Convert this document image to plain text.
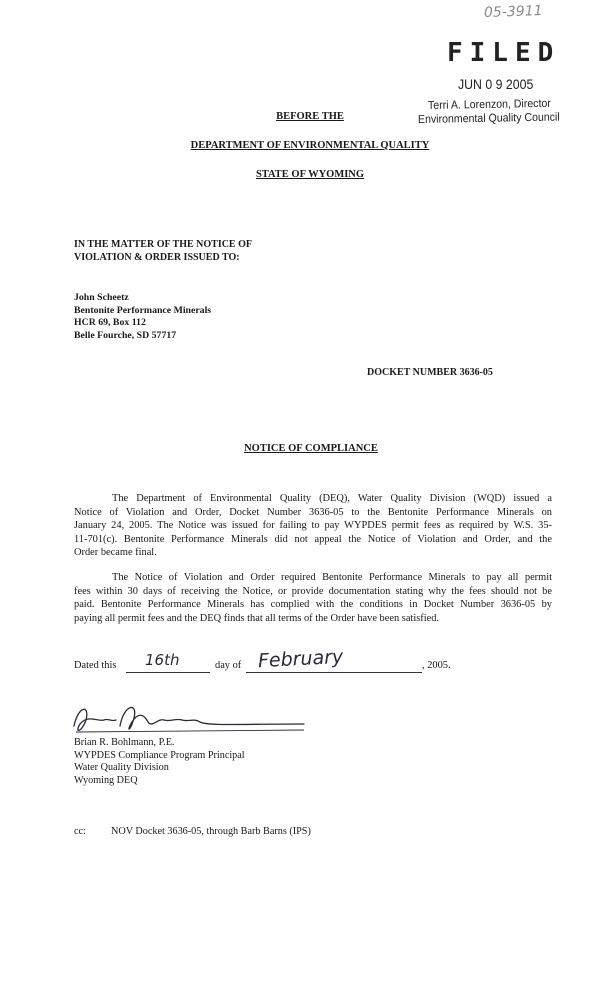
05-3911
FILED
JUN 0 9 2005
Terri A. Lorenzon, Director
Environmental Quality Council
BEFORE THE
DEPARTMENT OF ENVIRONMENTAL QUALITY
STATE OF WYOMING
IN THE MATTER OF THE NOTICE OF
VIOLATION & ORDER ISSUED TO:
John Scheetz
Bentonite Performance Minerals
HCR 69, Box 112
Belle Fourche, SD 57717
DOCKET NUMBER 3636-05
NOTICE OF COMPLIANCE
The Department of Environmental Quality (DEQ), Water Quality Division (WQD) issued a
Notice of Violation and Order, Docket Number 3636-05 to the Bentonite Performance Minerals on
January 24, 2005. The Notice was issued for failing to pay WYPDES permit fees as required by W.S. 35-
11-701(c). Bentonite Performance Minerals did not appeal the Notice of Violation and Order, and the
Order became final.
The Notice of Violation and Order required Bentonite Performance Minerals to pay all permit
fees within 30 days of receiving the Notice, or provide documentation stating why the fees should not be
paid. Bentonite Performance Minerals has complied with the conditions in Docket Number 3636-05 by
paying all permit fees and the DEQ finds that all terms of the Order have been satisfied.
Dated this 16th	day of February	, 2005.
Brian R. Bohlmann, P.E.
WYPDES Compliance Program Principal
Water Quality Division
Wyoming DEQ
cc: NOV Docket 3636-05, through Barb Barns (IPS)
